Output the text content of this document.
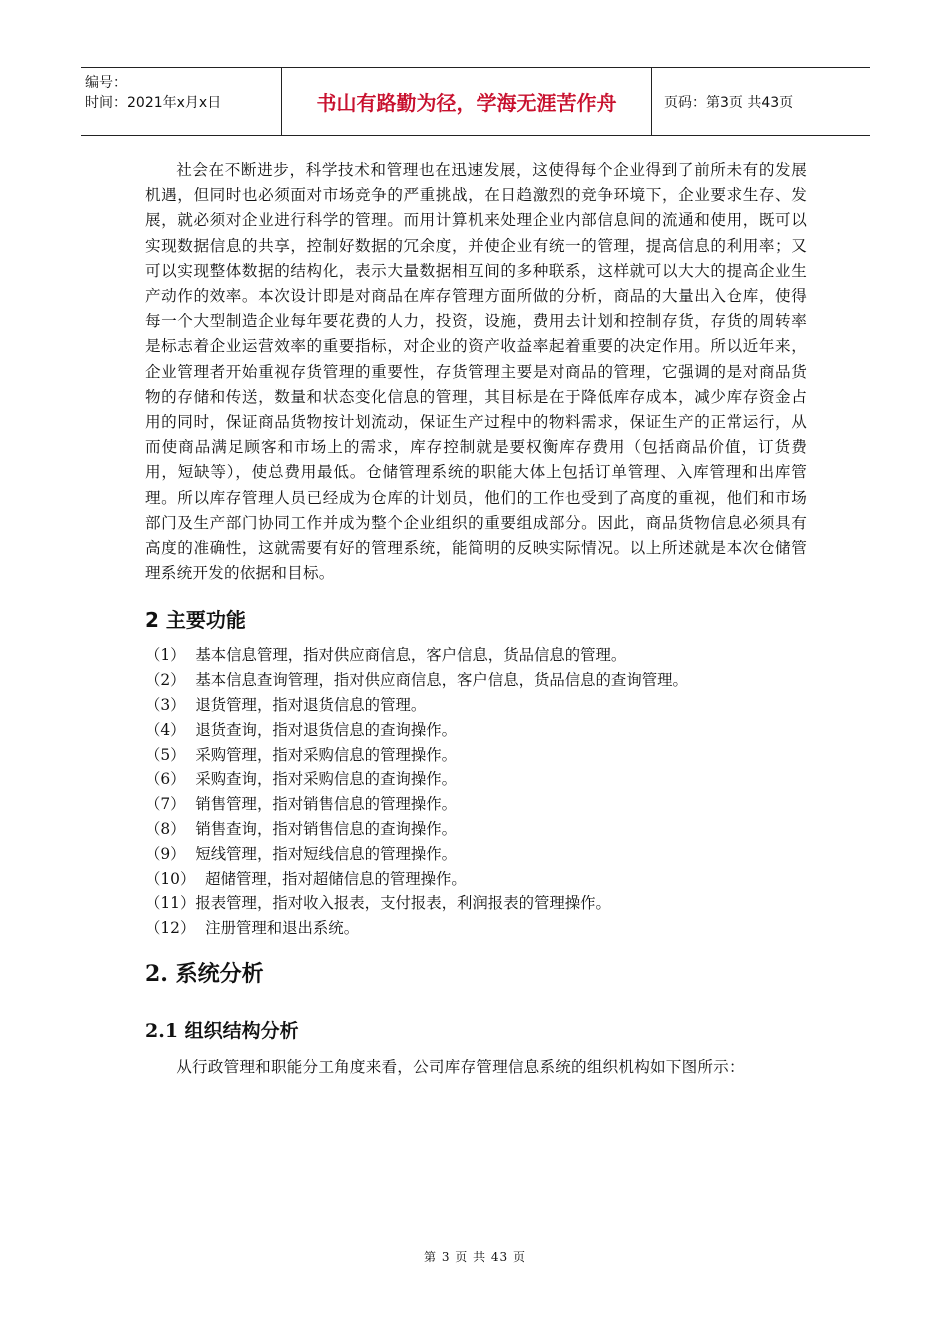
编号：
时间：2021年x月x日	书山有路勤为径，学海无涯苦作舟	页码：第3页 共43页

社会在不断进步，科学技术和管理也在迅速发展，这使得每个企业得到了前所未有的发展机遇，但同时也必须面对市场竞争的严重挑战，在日趋激烈的竞争环境下，企业要求生存、发展，就必须对企业进行科学的管理。而用计算机来处理企业内部信息间的流通和使用，既可以实现数据信息的共享，控制好数据的冗余度，并使企业有统一的管理，提高信息的利用率；又可以实现整体数据的结构化，表示大量数据相互间的多种联系，这样就可以大大的提高企业生产动作的效率。本次设计即是对商品在库存管理方面所做的分析，商品的大量出入仓库，使得每一个大型制造企业每年要花费的人力，投资，设施，费用去计划和控制存货，存货的周转率是标志着企业运营效率的重要指标，对企业的资产收益率起着重要的决定作用。所以近年来，企业管理者开始重视存货管理的重要性，存货管理主要是对商品的管理，它强调的是对商品货物的存储和传送，数量和状态变化信息的管理，其目标是在于降低库存成本，减少库存资金占用的同时，保证商品货物按计划流动，保证生产过程中的物料需求，保证生产的正常运行，从而使商品满足顾客和市场上的需求，库存控制就是要权衡库存费用（包括商品价值，订货费用，短缺等），使总费用最低。仓储管理系统的职能大体上包括订单管理、入库管理和出库管理。所以库存管理人员已经成为仓库的计划员，他们的工作也受到了高度的重视，他们和市场部门及生产部门协同工作并成为整个企业组织的重要组成部分。因此，商品货物信息必须具有高度的准确性，这就需要有好的管理系统，能简明的反映实际情况。以上所述就是本次仓储管理系统开发的依据和目标。

2 主要功能
（1） 基本信息管理，指对供应商信息，客户信息，货品信息的管理。
（2） 基本信息查询管理，指对供应商信息，客户信息，货品信息的查询管理。
（3） 退货管理，指对退货信息的管理。
（4） 退货查询，指对退货信息的查询操作。
（5） 采购管理，指对采购信息的管理操作。
（6） 采购查询，指对采购信息的查询操作。
（7） 销售管理，指对销售信息的管理操作。
（8） 销售查询，指对销售信息的查询操作。
（9） 短线管理，指对短线信息的管理操作。
（10） 超储管理，指对超储信息的管理操作。
（11）报表管理，指对收入报表，支付报表，利润报表的管理操作。
（12） 注册管理和退出系统。
2. 系统分析
2.1 组织结构分析

从行政管理和职能分工角度来看，公司库存管理信息系统的组织机构如下图所示：

第 3 页 共 43 页
